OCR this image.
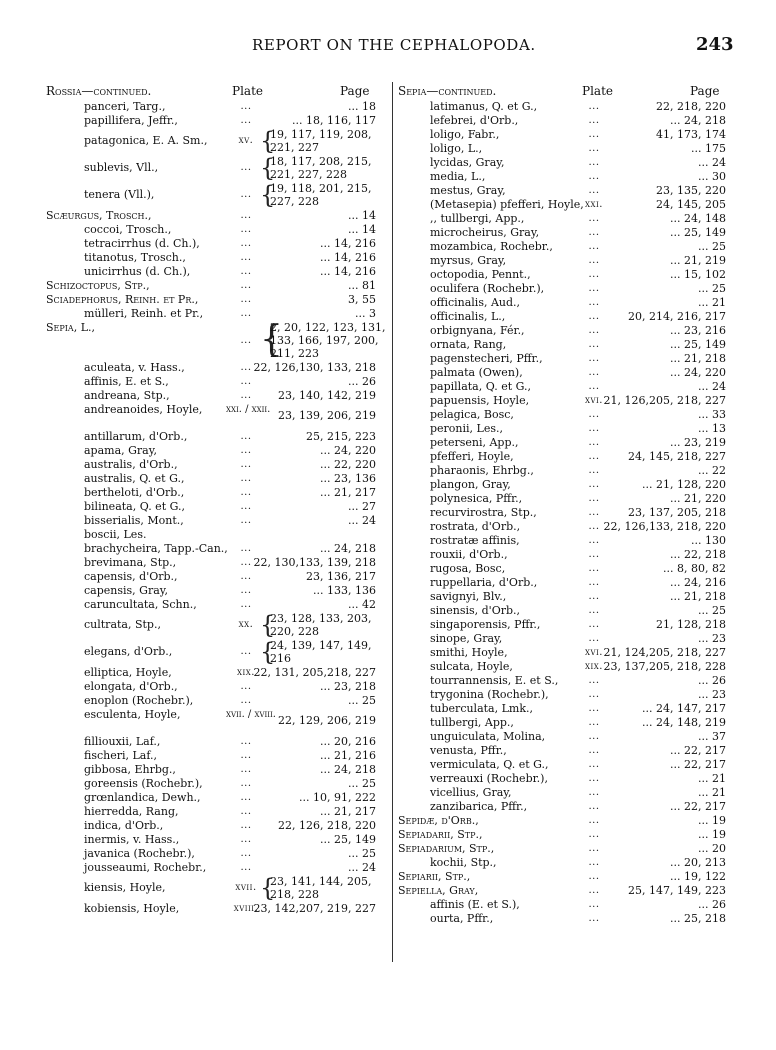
REPORT ON THE CEPHALOPODA.	243
Rossia—continued.	Plate	Page
panceri, Targ.,	...	... 18
papillifera, Jeffr.,	...	... 18, 116, 117
patagonica, E. A. Sm.,	xv. {
19, 117, 119, 208,
221, 227
sublevis, Vll.,	... {
18, 117, 208, 215,
221, 227, 228
tenera (Vll.),	... {
19, 118, 201, 215,
227, 228
Scæurgus, Trosch.,	...	... 14
coccoi, Trosch.,	...	... 14
tetracirrhus (d. Ch.),	...	... 14, 216
titanotus, Trosch.,	...	... 14, 216
unicirrhus (d. Ch.),	...	... 14, 216
Schizoctopus, Stp.,	...	... 81
Sciadephorus, Reinh. et Pr.,	...	3, 55
mülleri, Reinh. et Pr.,	...	... 3
Sepia, L.,
... {
2, 20, 122, 123, 131,
133, 166, 197, 200,
211, 223
aculeata, v. Hass.,	... 22, 126,130, 133, 218
affinis, E. et S.,	...	... 26
andreana, Stp.,	...	23, 140, 142, 219
andreanoides, Hoyle, xxi. / xxii. 23, 139, 206, 219
antillarum, d'Orb.,	...	25, 215, 223
apama, Gray,	...	... 24, 220
australis, d'Orb.,	...	... 22, 220
australis, Q. et G.,	...	... 23, 136
bertheloti, d'Orb.,	...	... 21, 217
bilineata, Q. et G.,	...	... 27
bisserialis, Mont.,	...	... 24
boscii, Les.
brachycheira, Tapp.-Can.,	...	... 24, 218
brevimana, Stp.,	... 22, 130,133, 139, 218
capensis, d'Orb.,	...	23, 136, 217
capensis, Gray,	...	... 133, 136
caruncultata, Schn.,	...	... 42
cultrata, Stp.,	xx. {
23, 128, 133, 203,
220, 228
elegans, d'Orb.,	... {
24, 139, 147, 149,
216
elliptica, Hoyle,	xix.
22, 131, 205,218, 227
elongata, d'Orb.,	...	... 23, 218
enoplon (Rochebr.),	...	... 25
esculenta, Hoyle,	xvii. / xviii. 22, 129, 206, 219
filliouxii, Laf.,	...	... 20, 216
fischeri, Laf.,	...	... 21, 216
gibbosa, Ehrbg.,	...	... 24, 218
goreensis (Rochebr.),	...	... 25
grœnlandica, Dewh.,	...	... 10, 91, 222
hierredda, Rang,	...	... 21, 217
indica, d'Orb.,	...	22, 126, 218, 220
inermis, v. Hass.,	...	... 25, 149
javanica (Rochebr.),	...	... 25
jousseaumi, Rochebr.,	...	... 24
kiensis, Hoyle,	xvii. {
23, 141, 144, 205,
218, 228
kobiensis, Hoyle,	xviii.
23, 142,207, 219, 227
Sepia—continued.	Plate	Page
latimanus, Q. et G.,	...	22, 218, 220
lefebrei, d'Orb.,	...	... 24, 218
loligo, Fabr.,	...	41, 173, 174
loligo, L.,	...	... 175
lycidas, Gray,	...	... 24
media, L.,	...	... 30
mestus, Gray,	...	23, 135, 220
(Metasepia) pfefferi, Hoyle, xxi.	24, 145, 205
,, tullbergi, App.,	...	... 24, 148
microcheirus, Gray,	...	... 25, 149
mozambica, Rochebr.,	...	... 25
myrsus, Gray,	...	... 21, 219
octopodia, Pennt.,	...	... 15, 102
oculifera (Rochebr.),	...	... 25
officinalis, Aud.,	...	... 21
officinalis, L.,	...	20, 214, 216, 217
orbignyana, Fér.,	...	... 23, 216
ornata, Rang,	...	... 25, 149
pagenstecheri, Pffr.,	...	... 21, 218
palmata (Owen),	...	... 24, 220
papillata, Q. et G.,	...	... 24
papuensis, Hoyle,	xvi. 21, 126,205, 218, 227
pelagica, Bosc,	...	... 33
peronii, Les.,	...	... 13
peterseni, App.,	...	... 23, 219
pfefferi, Hoyle,	...	24, 145, 218, 227
pharaonis, Ehrbg.,	...	... 22
plangon, Gray,	...	... 21, 128, 220
polynesica, Pffr.,	...	... 21, 220
recurvirostra, Stp.,	...	23, 137, 205, 218
rostrata, d'Orb.,	... 22, 126,133, 218, 220
rostratæ affinis,	...	... 130
rouxii, d'Orb.,	...	... 22, 218
rugosa, Bosc,	...	... 8, 80, 82
ruppellaria, d'Orb.,	...	... 24, 216
savignyi, Blv.,	...	... 21, 218
sinensis, d'Orb.,	...	... 25
singaporensis, Pffr.,	...	21, 128, 218
sinope, Gray,	...	... 23
smithi, Hoyle,	xvi. 21, 124,205, 218, 227
sulcata, Hoyle,	xix. 23, 137,205, 218, 228
tourrannensis, E. et S.,	...	... 26
trygonina (Rochebr.),	...	... 23
tuberculata, Lmk.,	...	... 24, 147, 217
tullbergi, App.,	...	... 24, 148, 219
unguiculata, Molina,	...	... 37
venusta, Pffr.,	...	... 22, 217
vermiculata, Q. et G.,	...	... 22, 217
verreauxi (Rochebr.),	...	... 21
vicellius, Gray,	...	... 21
zanzibarica, Pffr.,	...	... 22, 217
Sepidæ, d'Orb.,	...	... 19
Sepiadarii, Stp.,	...	... 19
Sepiadarium, Stp.,	...	... 20
kochii, Stp.,	...	... 20, 213
Sepiarii, Stp.,	...	... 19, 122
Sepiella, Gray,	...	25, 147, 149, 223
affinis (E. et S.),	...	... 26
ourta, Pffr.,	...	... 25, 218
